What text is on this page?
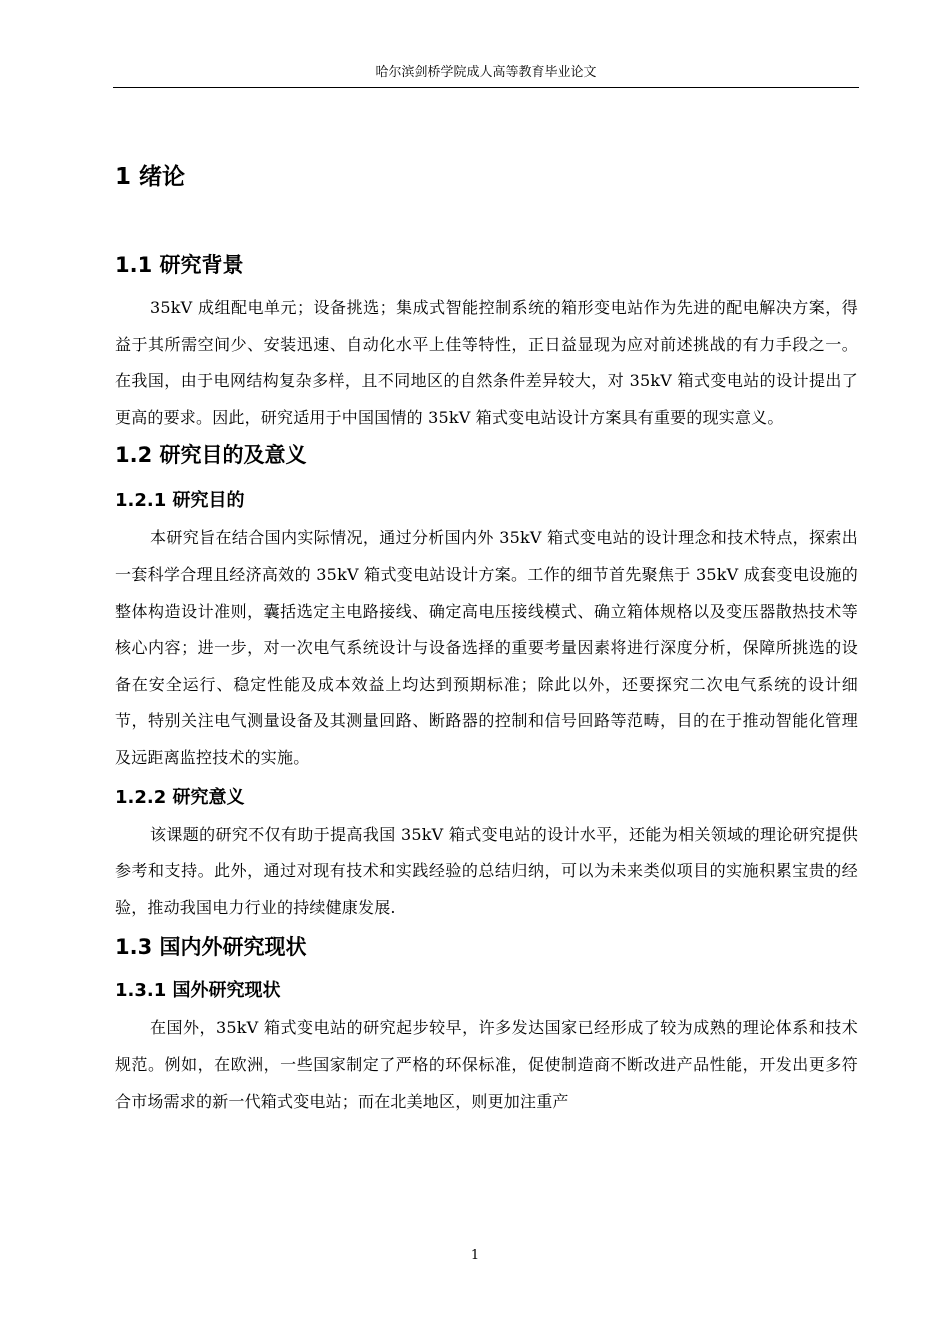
哈尔滨剑桥学院成人高等教育毕业论文
1 绪论
1.1 研究背景

35kV 成组配电单元；设备挑选；集成式智能控制系统的箱形变电站作为先进的配电解决方案，得益于其所需空间少、安装迅速、自动化水平上佳等特性，正日益显现为应对前述挑战的有力手段之一。 在我国，由于电网结构复杂多样，且不同地区的自然条件差异较大，对 35kV 箱式变电站的设计提出了更高的要求。因此，研究适用于中国国情的 35kV 箱式变电站设计方案具有重要的现实意义。

1.2 研究目的及意义
1.2.1 研究目的

本研究旨在结合国内实际情况，通过分析国内外 35kV 箱式变电站的设计理念和技术特点，探索出一套科学合理且经济高效的 35kV 箱式变电站设计方案。工作的细节首先聚焦于 35kV 成套变电设施的整体构造设计准则，囊括选定主电路接线、确定高电压接线模式、确立箱体规格以及变压器散热技术等核心内容；进一步，对一次电气系统设计与设备选择的重要考量因素将进行深度分析，保障所挑选的设备在安全运行、稳定性能及成本效益上均达到预期标准；除此以外，还要探究二次电气系统的设计细节，特别关注电气测量设备及其测量回路、断路器的控制和信号回路等范畴，目的在于推动智能化管理及远距离监控技术的实施。

1.2.2 研究意义

该课题的研究不仅有助于提高我国 35kV 箱式变电站的设计水平，还能为相关领域的理论研究提供参考和支持。此外，通过对现有技术和实践经验的总结归纳，可以为未来类似项目的实施积累宝贵的经验，推动我国电力行业的持续健康发展.

1.3 国内外研究现状
1.3.1 国外研究现状

在国外，35kV 箱式变电站的研究起步较早，许多发达国家已经形成了较为成熟的理论体系和技术规范。例如，在欧洲，一些国家制定了严格的环保标准，促使制造商不断改进产品性能，开发出更多符合市场需求的新一代箱式变电站；而在北美地区，则更加注重产

1
